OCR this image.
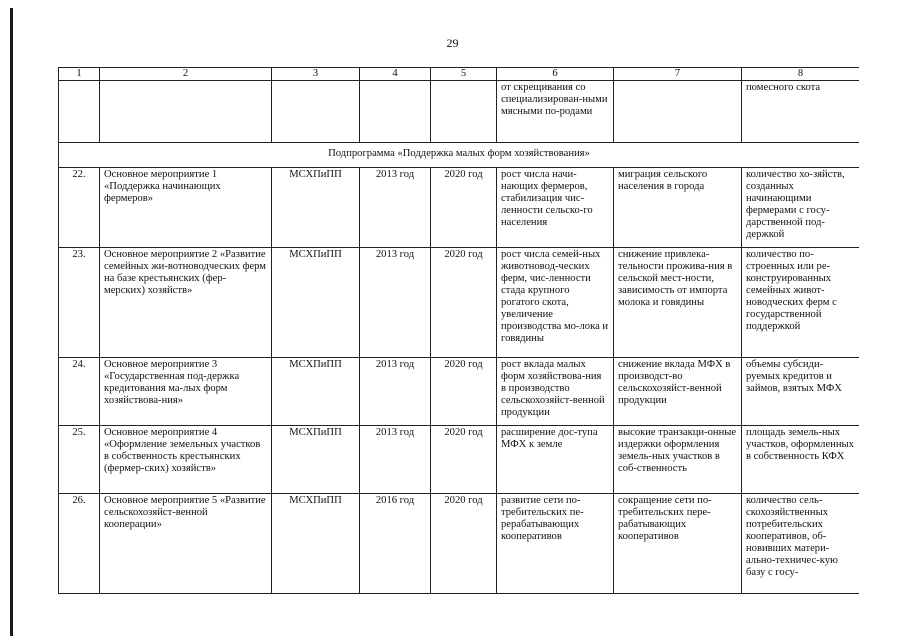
29
1	2	3	4	5	6	7	8
					от скрещивания со специализирован-ными мясными по-родами		помесного скота
Подпрограмма «Поддержка малых форм хозяйствования»							
22.	Основное мероприятие 1 «Поддержка начинающих фермеров»	МСХПиПП	2013 год	2020 год	рост числа начи-нающих фермеров, стабилизация чис-ленности сельско-го населения	миграция сельского населения в города	количество хо-зяйств, созданных начинающими фермерами с госу-дарственной под-держкой
23.	Основное мероприятие 2 «Развитие семейных жи-вотноводческих ферм на базе крестьянских (фер-мерских) хозяйств»	МСХПиПП	2013 год	2020 год	рост числа семей-ных животновод-ческих ферм, чис-ленности стада крупного рогатого скота, увеличение производства мо-лока и говядины	снижение привлека-тельности прожива-ния в сельской мест-ности, зависимость от импорта молока и говядины	количество по-строенных или ре-конструированных семейных живот-новодческих ферм с государственной поддержкой
24.	Основное мероприятие 3 «Государственная под-держка кредитования ма-лых форм хозяйствова-ния»	МСХПиПП	2013 год	2020 год	рост вклада малых форм хозяйствова-ния в производство сельскохозяйст-венной продукции	снижение вклада МФХ в производст-во сельскохозяйст-венной продукции	объемы субсиди-руемых кредитов и займов, взятых МФХ
25.	Основное мероприятие 4 «Оформление земельных участков в собственность крестьянских (фермер-ских) хозяйств»	МСХПиПП	2013 год	2020 год	расширение дос-тупа МФХ к земле	высокие транзакци-онные издержки оформления земель-ных участков в соб-ственность	площадь земель-ных участков, оформленных в собственность КФХ
26.	Основное мероприятие 5 «Развитие сельскохозяйст-венной кооперации»	МСХПиПП	2016 год	2020 год	развитие сети по-требительских пе-рерабатывающих кооперативов	сокращение сети по-требительских пере-рабатывающих кооперативов	количество сель-скохозяйственных потребительских кооперативов, об-новивших матери-ально-техничес-кую базу с госу-
